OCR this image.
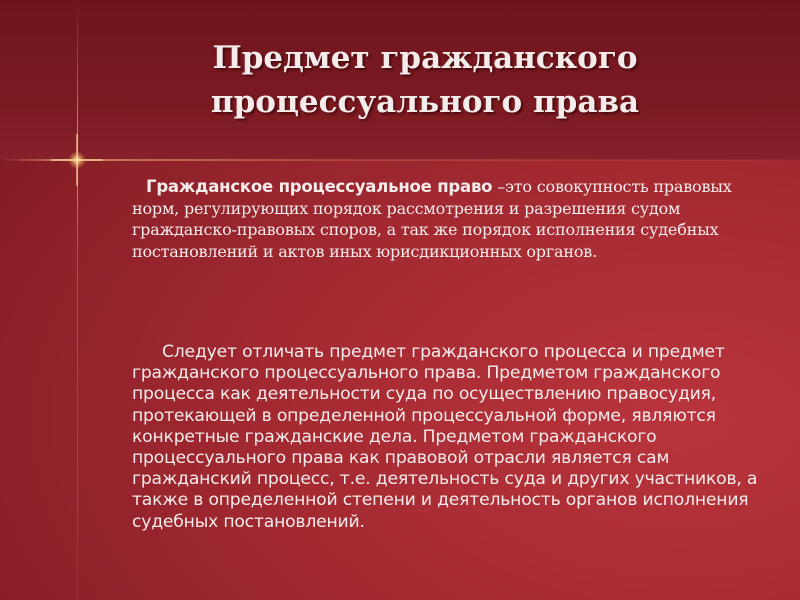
Предмет гражданского
процессуального права
Гражданское процессуальное право –это совокупность правовых норм, регулирующих порядок рассмотрения и разрешения судом гражданско-правовых споров, а так же порядок исполнения судебных постановлений и актов иных юрисдикционных органов.
Следует отличать предмет гражданского процесса и предмет гражданского процессуального права. Предметом гражданского процесса как деятельности суда по осуществлению правосудия, протекающей в определенной процессуальной форме, являются конкретные гражданские дела. Предметом гражданского процессуального права как правовой отрасли является сам гражданский процесс, т.е. деятельность суда и других участников, а также в определенной степени и деятельность органов исполнения судебных постановлений.
